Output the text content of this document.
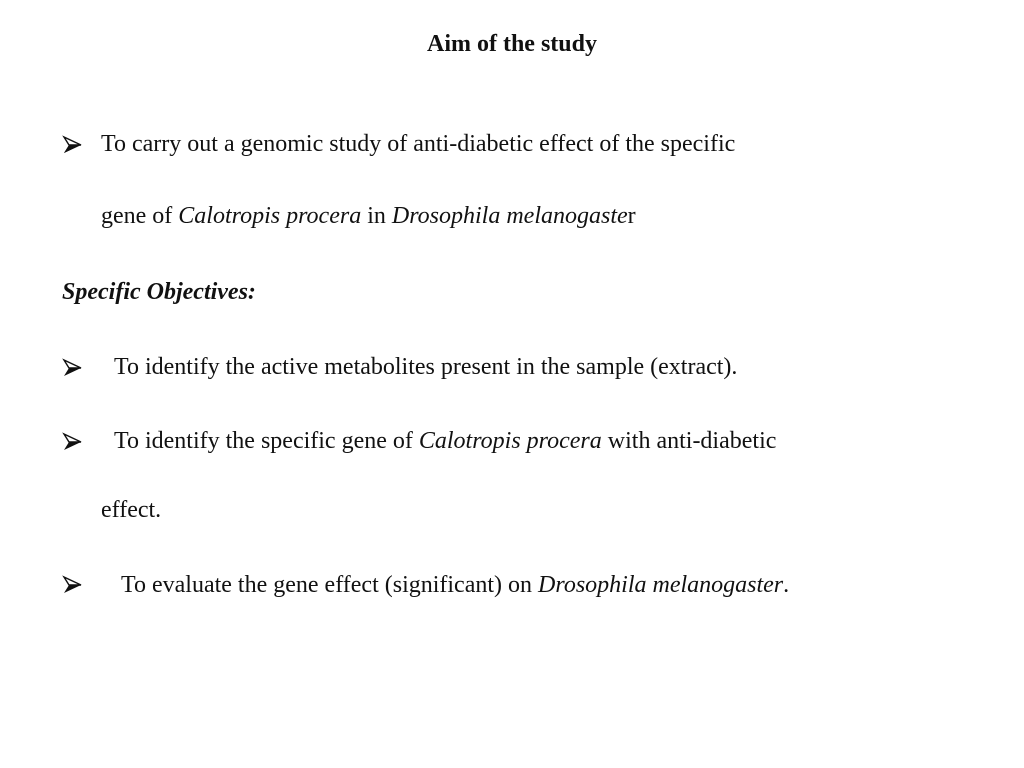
Aim of the study
To carry out a genomic study of anti-diabetic effect of the specific
gene of Calotropis procera in Drosophila melanogaster
Specific Objectives:
To identify the active metabolites present in the sample (extract).
To identify the specific gene of Calotropis procera with anti-diabetic
effect.
To evaluate the gene effect (significant) on Drosophila melanogaster.
